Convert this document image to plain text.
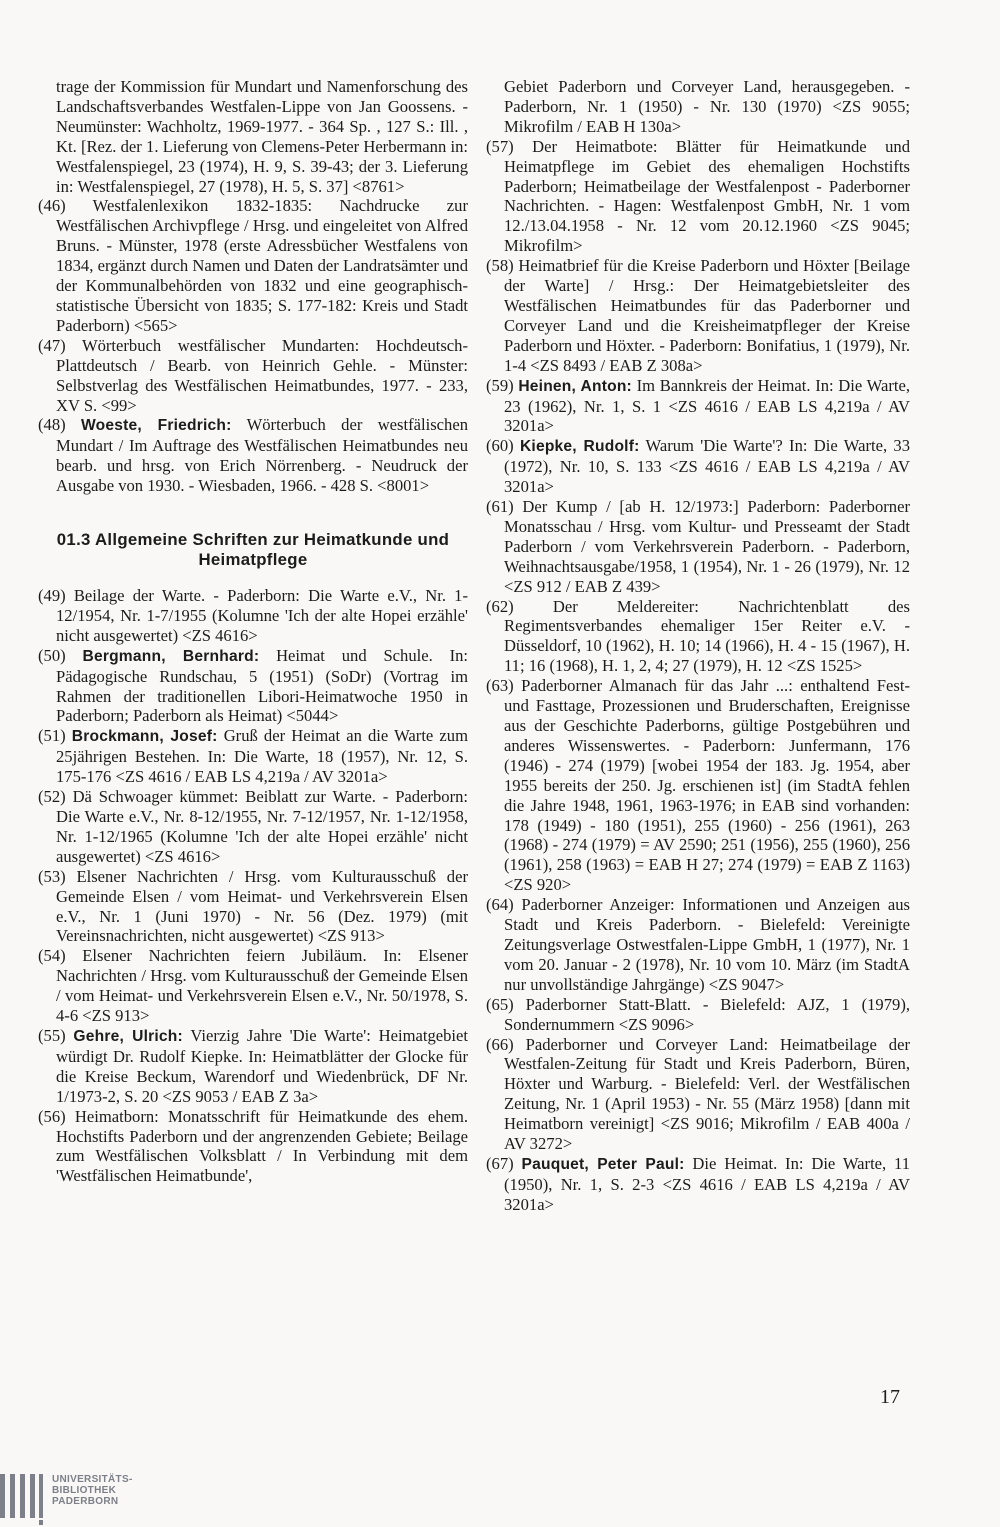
trage der Kommission für Mundart und Namenforschung des Landschaftsverbandes Westfalen-Lippe von Jan Goossens. - Neumünster: Wachholtz, 1969-1977. - 364 Sp. , 127 S.: Ill. , Kt. [Rez. der 1. Lieferung von Clemens-Peter Herbermann in: Westfalenspiegel, 23 (1974), H. 9, S. 39-43; der 3. Lieferung in: Westfalenspiegel, 27 (1978), H. 5, S. 37] <8761>

(46) Westfalenlexikon 1832-1835: Nachdrucke zur Westfälischen Archivpflege / Hrsg. und eingeleitet von Alfred Bruns. - Münster, 1978 (erste Adressbücher Westfalens von 1834, ergänzt durch Namen und Daten der Landratsämter und der Kommunalbehörden von 1832 und eine geographisch-statistische Übersicht von 1835; S. 177-182: Kreis und Stadt Paderborn) <565>

(47) Wörterbuch westfälischer Mundarten: Hochdeutsch-Plattdeutsch / Bearb. von Heinrich Gehle. - Münster: Selbstverlag des Westfälischen Heimatbundes, 1977. - 233, XV S. <99>

(48) Woeste, Friedrich: Wörterbuch der westfälischen Mundart / Im Auftrage des Westfälischen Heimatbundes neu bearb. und hrsg. von Erich Nörrenberg. - Neudruck der Ausgabe von 1930. - Wiesbaden, 1966. - 428 S. <8001>

01.3 Allgemeine Schriften zur Heimatkunde und Heimatpflege

(49) Beilage der Warte. - Paderborn: Die Warte e.V., Nr. 1-12/1954, Nr. 1-7/1955 (Kolumne 'Ich der alte Hopei erzähle' nicht ausgewertet) <ZS 4616>

(50) Bergmann, Bernhard: Heimat und Schule. In: Pädagogische Rundschau, 5 (1951) (SoDr) (Vortrag im Rahmen der traditionellen Libori-Heimatwoche 1950 in Paderborn; Paderborn als Heimat) <5044>

(51) Brockmann, Josef: Gruß der Heimat an die Warte zum 25jährigen Bestehen. In: Die Warte, 18 (1957), Nr. 12, S. 175-176 <ZS 4616 / EAB LS 4,219a / AV 3201a>

(52) Dä Schwoager kümmet: Beiblatt zur Warte. - Paderborn: Die Warte e.V., Nr. 8-12/1955, Nr. 7-12/1957, Nr. 1-12/1958, Nr. 1-12/1965 (Kolumne 'Ich der alte Hopei erzähle' nicht ausgewertet) <ZS 4616>

(53) Elsener Nachrichten / Hrsg. vom Kulturausschuß der Gemeinde Elsen / vom Heimat- und Verkehrsverein Elsen e.V., Nr. 1 (Juni 1970) - Nr. 56 (Dez. 1979) (mit Vereinsnachrichten, nicht ausgewertet) <ZS 913>

(54) Elsener Nachrichten feiern Jubiläum. In: Elsener Nachrichten / Hrsg. vom Kulturausschuß der Gemeinde Elsen / vom Heimat- und Verkehrsverein Elsen e.V., Nr. 50/1978, S. 4-6 <ZS 913>

(55) Gehre, Ulrich: Vierzig Jahre 'Die Warte': Heimatgebiet würdigt Dr. Rudolf Kiepke. In: Heimatblätter der Glocke für die Kreise Beckum, Warendorf und Wiedenbrück, DF Nr. 1/1973-2, S. 20 <ZS 9053 / EAB Z 3a>

(56) Heimatborn: Monatsschrift für Heimatkunde des ehem. Hochstifts Paderborn und der angrenzenden Gebiete; Beilage zum Westfälischen Volksblatt / In Verbindung mit dem 'Westfälischen Heimatbunde',

Gebiet Paderborn und Corveyer Land, herausgegeben. - Paderborn, Nr. 1 (1950) - Nr. 130 (1970) <ZS 9055; Mikrofilm / EAB H 130a>

(57) Der Heimatbote: Blätter für Heimatkunde und Heimatpflege im Gebiet des ehemaligen Hochstifts Paderborn; Heimatbeilage der Westfalenpost - Paderborner Nachrichten. - Hagen: Westfalenpost GmbH, Nr. 1 vom 12./13.04.1958 - Nr. 12 vom 20.12.1960 <ZS 9045; Mikrofilm>

(58) Heimatbrief für die Kreise Paderborn und Höxter [Beilage der Warte] / Hrsg.: Der Heimatgebietsleiter des Westfälischen Heimatbundes für das Paderborner und Corveyer Land und die Kreisheimatpfleger der Kreise Paderborn und Höxter. - Paderborn: Bonifatius, 1 (1979), Nr. 1-4 <ZS 8493 / EAB Z 308a>

(59) Heinen, Anton: Im Bannkreis der Heimat. In: Die Warte, 23 (1962), Nr. 1, S. 1 <ZS 4616 / EAB LS 4,219a / AV 3201a>

(60) Kiepke, Rudolf: Warum 'Die Warte'? In: Die Warte, 33 (1972), Nr. 10, S. 133 <ZS 4616 / EAB LS 4,219a / AV 3201a>

(61) Der Kump / [ab H. 12/1973:] Paderborn: Paderborner Monatsschau / Hrsg. vom Kultur- und Presseamt der Stadt Paderborn / vom Verkehrsverein Paderborn. - Paderborn, Weihnachtsausgabe/1958, 1 (1954), Nr. 1 - 26 (1979), Nr. 12 <ZS 912 / EAB Z 439>

(62) Der Meldereiter: Nachrichtenblatt des Regimentsverbandes ehemaliger 15er Reiter e.V. - Düsseldorf, 10 (1962), H. 10; 14 (1966), H. 4 - 15 (1967), H. 11; 16 (1968), H. 1, 2, 4; 27 (1979), H. 12 <ZS 1525>

(63) Paderborner Almanach für das Jahr ...: enthaltend Fest- und Fasttage, Prozessionen und Bruderschaften, Ereignisse aus der Geschichte Paderborns, gültige Postgebühren und anderes Wissenswertes. - Paderborn: Junfermann, 176 (1946) - 274 (1979) [wobei 1954 der 183. Jg. 1954, aber 1955 bereits der 250. Jg. erschienen ist] (im StadtA fehlen die Jahre 1948, 1961, 1963-1976; in EAB sind vorhanden: 178 (1949) - 180 (1951), 255 (1960) - 256 (1961), 263 (1968) - 274 (1979) = AV 2590; 251 (1956), 255 (1960), 256 (1961), 258 (1963) = EAB H 27; 274 (1979) = EAB Z 1163) <ZS 920>

(64) Paderborner Anzeiger: Informationen und Anzeigen aus Stadt und Kreis Paderborn. - Bielefeld: Vereinigte Zeitungsverlage Ostwestfalen-Lippe GmbH, 1 (1977), Nr. 1 vom 20. Januar - 2 (1978), Nr. 10 vom 10. März (im StadtA nur unvollständige Jahrgänge) <ZS 9047>

(65) Paderborner Statt-Blatt. - Bielefeld: AJZ, 1 (1979), Sondernummern <ZS 9096>

(66) Paderborner und Corveyer Land: Heimatbeilage der Westfalen-Zeitung für Stadt und Kreis Paderborn, Büren, Höxter und Warburg. - Bielefeld: Verl. der Westfälischen Zeitung, Nr. 1 (April 1953) - Nr. 55 (März 1958) [dann mit Heimatborn vereinigt] <ZS 9016; Mikrofilm / EAB 400a / AV 3272>

(67) Pauquet, Peter Paul: Die Heimat. In: Die Warte, 11 (1950), Nr. 1, S. 2-3 <ZS 4616 / EAB LS 4,219a / AV 3201a>

17
UNIVERSITÄTS-
BIBLIOTHEK
PADERBORN
